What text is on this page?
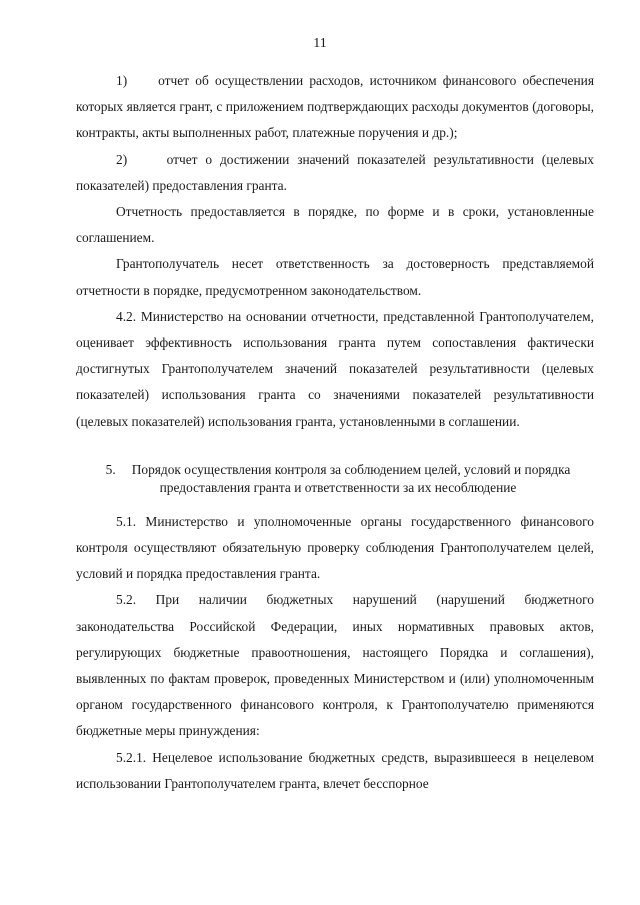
11

1)     отчет об осуществлении расходов, источником финансового обеспечения которых является грант, с приложением подтверждающих расходы документов (договоры, контракты, акты выполненных работ, платежные поручения и др.);

2)     отчет о достижении значений показателей результативности (целевых показателей) предоставления гранта.

Отчетность предоставляется в порядке, по форме и в сроки, установленные соглашением.

Грантополучатель несет ответственность за достоверность представляемой отчетности в порядке, предусмотренном законодательством.

4.2. Министерство на основании отчетности, представленной Грантополучателем, оценивает эффективность использования гранта путем сопоставления фактически достигнутых Грантополучателем значений показателей результативности (целевых показателей) использования гранта со значениями показателей результативности (целевых показателей) использования гранта, установленными в соглашении.

5. Порядок осуществления контроля за соблюдением целей, условий и порядка предоставления гранта и ответственности за их несоблюдение

5.1. Министерство и уполномоченные органы государственного финансового контроля осуществляют обязательную проверку соблюдения Грантополучателем целей, условий и порядка предоставления гранта.

5.2. При наличии бюджетных нарушений (нарушений бюджетного законодательства Российской Федерации, иных нормативных правовых актов, регулирующих бюджетные правоотношения, настоящего Порядка и соглашения), выявленных по фактам проверок, проведенных Министерством и (или) уполномоченным органом государственного финансового контроля, к Грантополучателю применяются бюджетные меры принуждения:

5.2.1. Нецелевое использование бюджетных средств, выразившееся в нецелевом использовании Грантополучателем гранта, влечет бесспорное
